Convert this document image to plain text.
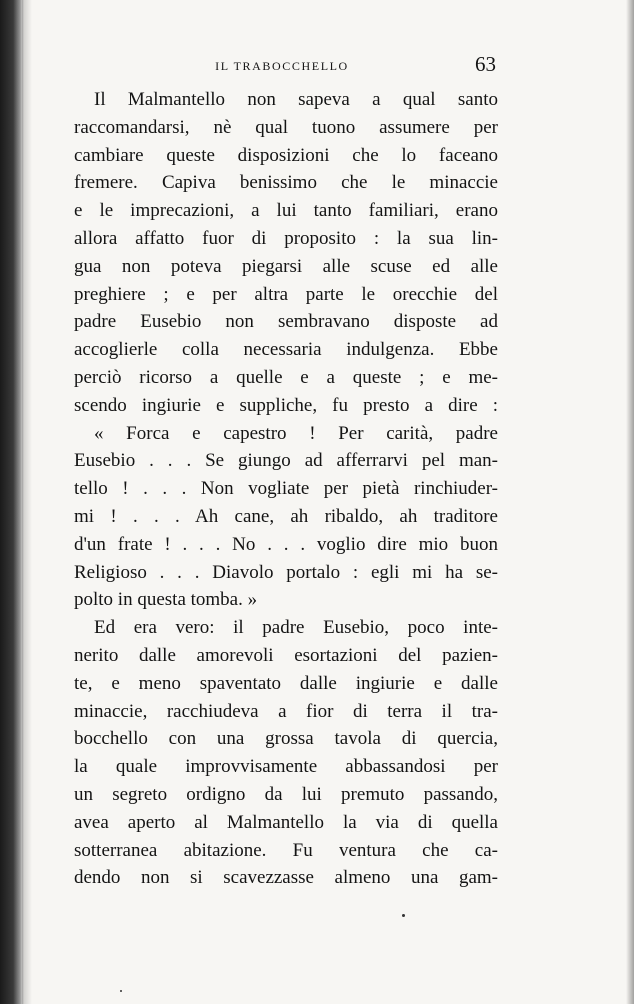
IL TRABOCCHELLO	63
Il Malmantello non sapeva a qual santo
raccomandarsi, nè qual tuono assumere per
cambiare queste disposizioni che lo faceano
fremere. Capiva benissimo che le minaccie
e le imprecazioni, a lui tanto familiari, erano
allora affatto fuor di proposito : la sua lin-
gua non poteva piegarsi alle scuse ed alle
preghiere ; e per altra parte le orecchie del
padre Eusebio non sembravano disposte ad
accoglierle colla necessaria indulgenza. Ebbe
perciò ricorso a quelle e a queste ; e me-
scendo ingiurie e suppliche, fu presto a dire :
« Forca e capestro ! Per carità, padre
Eusebio . . . Se giungo ad afferrarvi pel man-
tello ! . . . Non vogliate per pietà rinchiuder-
mi ! . . . Ah cane, ah ribaldo, ah traditore
d'un frate ! . . . No . . . voglio dire mio buon
Religioso . . . Diavolo portalo : egli mi ha se-
polto in questa tomba. »
Ed era vero: il padre Eusebio, poco inte-
nerito dalle amorevoli esortazioni del pazien-
te, e meno spaventato dalle ingiurie e dalle
minaccie, racchiudeva a fior di terra il tra-
bocchello con una grossa tavola di quercia,
la quale improvvisamente abbassandosi per
un segreto ordigno da lui premuto passando,
avea aperto al Malmantello la via di quella
sotterranea abitazione. Fu ventura che ca-
dendo non si scavezzasse almeno una gam-
